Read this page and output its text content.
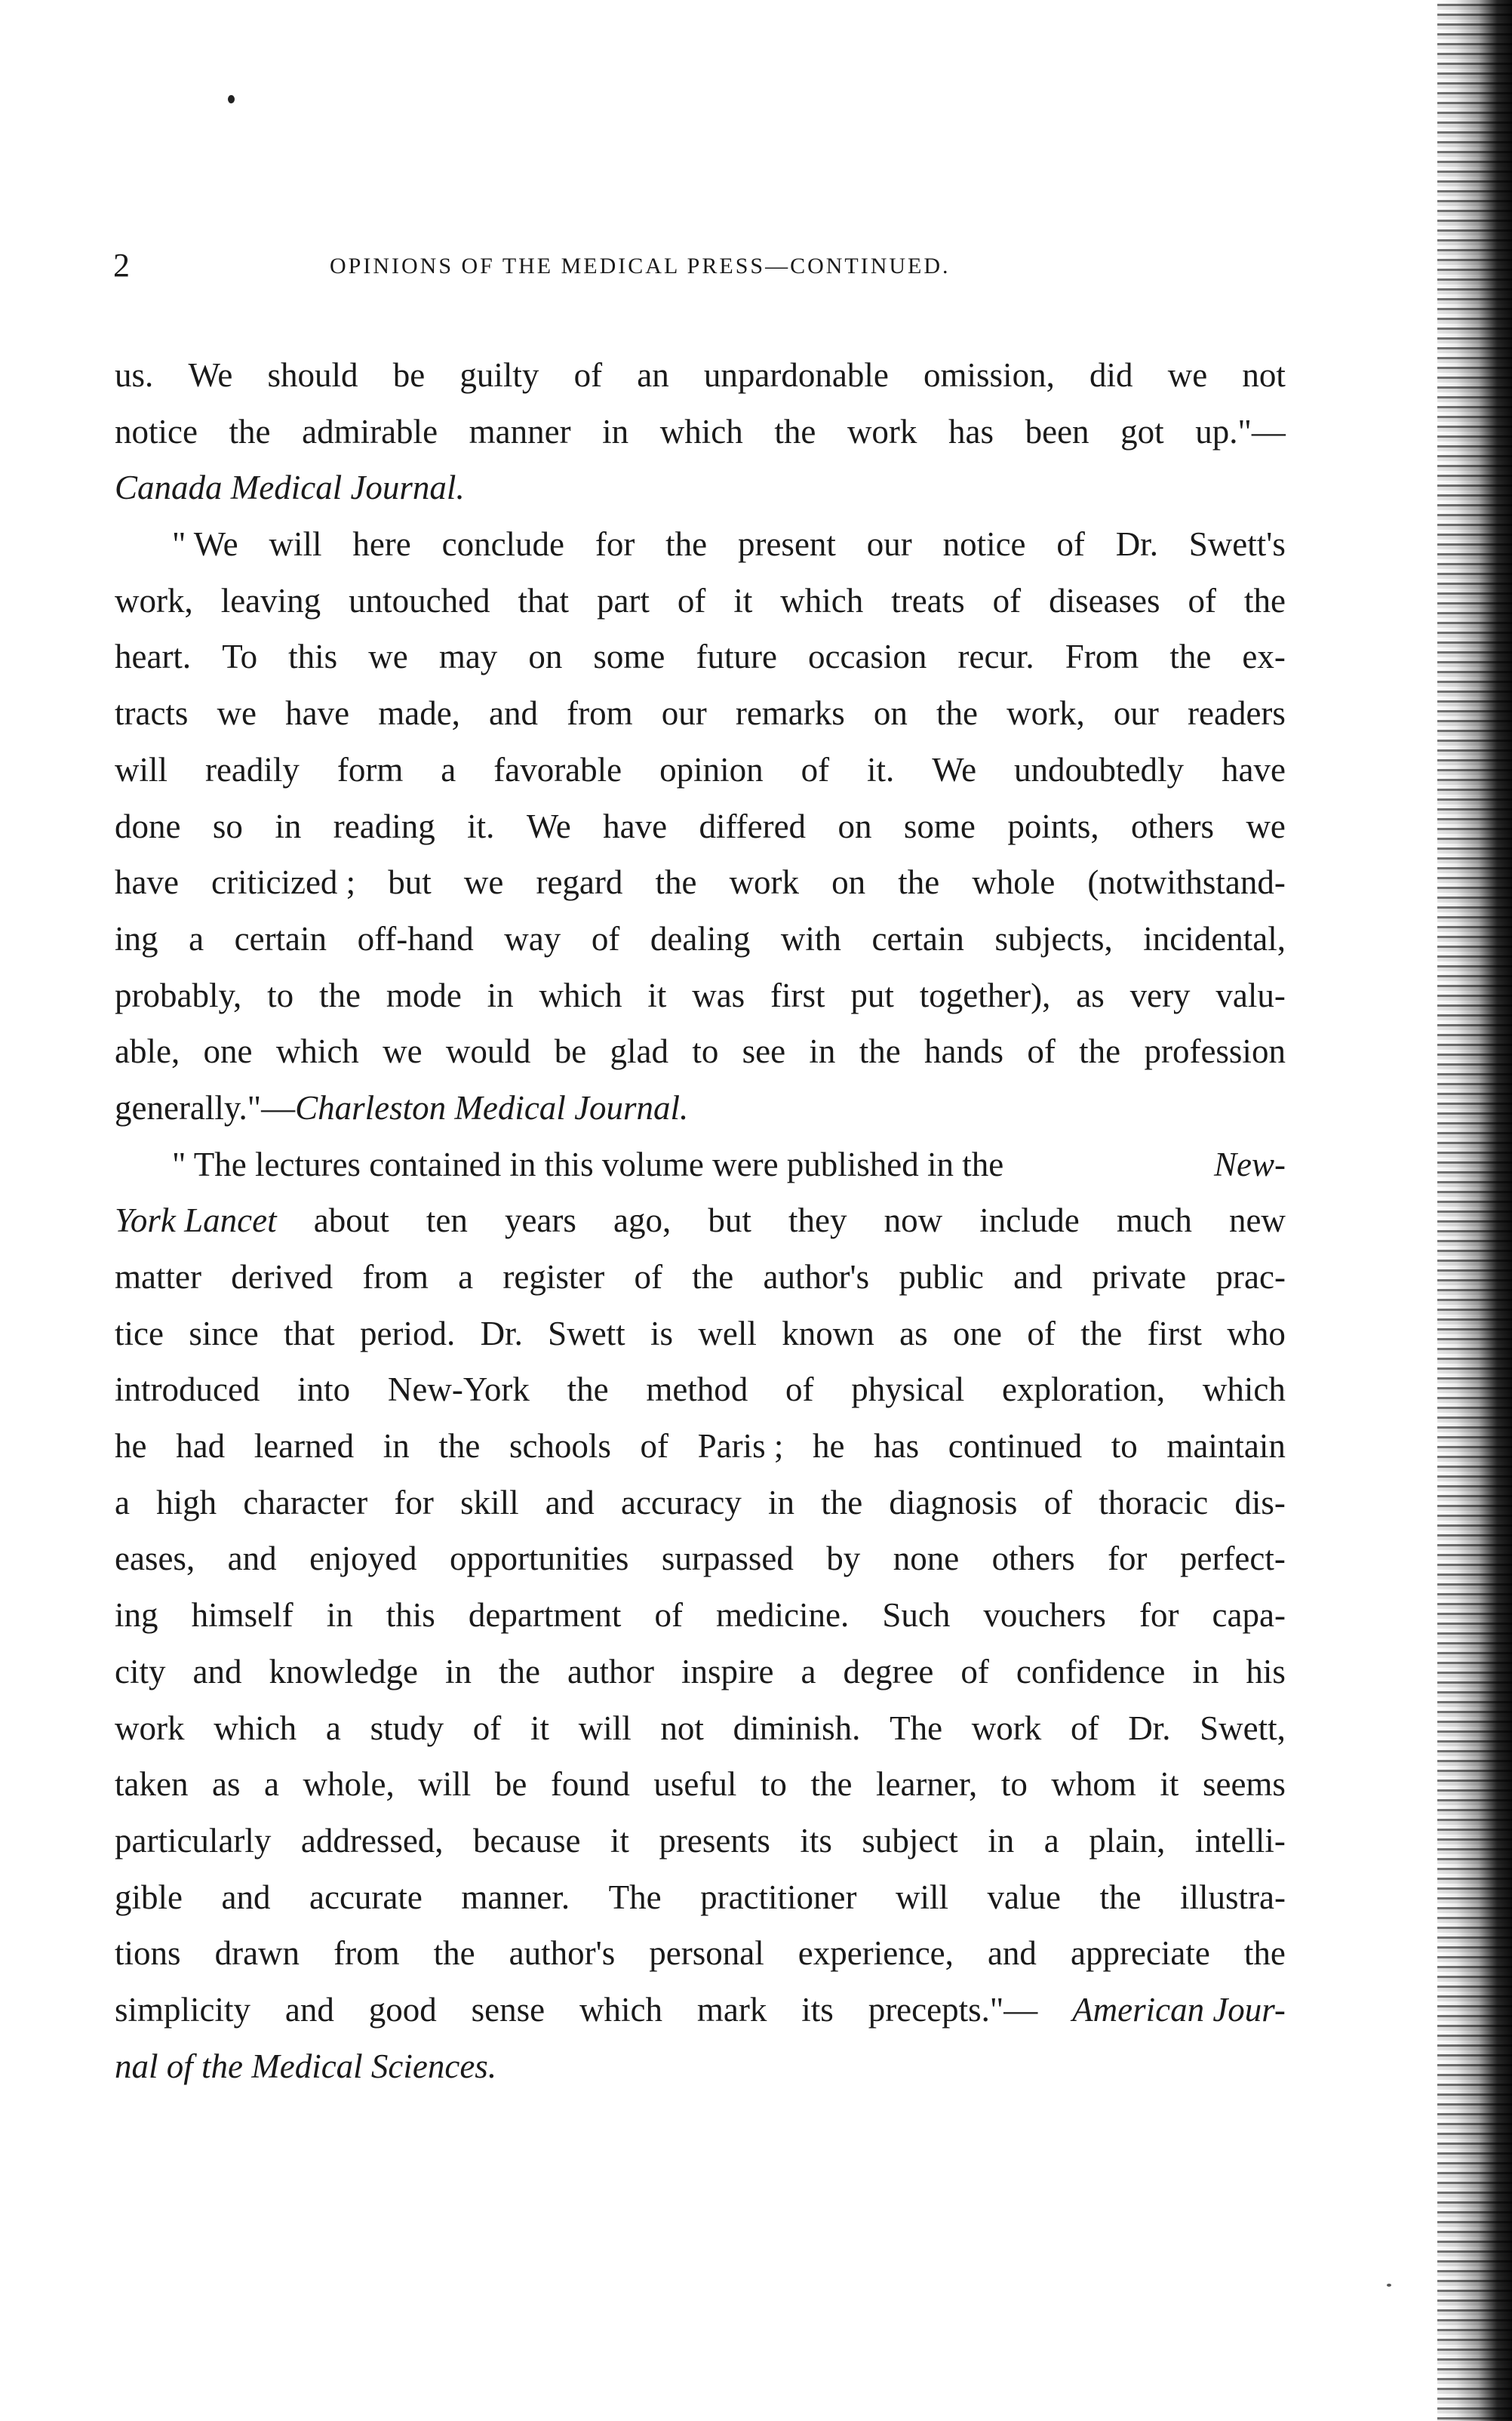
2	OPINIONS OF THE MEDICAL PRESS—CONTINUED.
us. We should be guilty of an unpardonable omission, did we not
notice the admirable manner in which the work has been got up."—
Canada Medical Journal.
" We will here conclude for the present our notice of Dr. Swett's
work, leaving untouched that part of it which treats of diseases of the
heart. To this we may on some future occasion recur. From the ex-
tracts we have made, and from our remarks on the work, our readers
will readily form a favorable opinion of it. We undoubtedly have
done so in reading it. We have differed on some points, others we
have criticized ; but we regard the work on the whole (notwithstand-
ing a certain off-hand way of dealing with certain subjects, incidental,
probably, to the mode in which it was first put together), as very valu-
able, one which we would be glad to see in the hands of the profession
generally."— Charleston Medical Journal.
" The lectures contained in this volume were published in the	New-
York Lancet about ten years ago, but they now include much new
matter derived from a register of the author's public and private prac-
tice since that period. Dr. Swett is well known as one of the first who
introduced into New-York the method of physical exploration, which
he had learned in the schools of Paris ; he has continued to maintain
a high character for skill and accuracy in the diagnosis of thoracic dis-
eases, and enjoyed opportunities surpassed by none others for perfect-
ing himself in this department of medicine. Such vouchers for capa-
city and knowledge in the author inspire a degree of confidence in his
work which a study of it will not diminish. The work of Dr. Swett,
taken as a whole, will be found useful to the learner, to whom it seems
particularly addressed, because it presents its subject in a plain, intelli-
gible and accurate manner. The practitioner will value the illustra-
tions drawn from the author's personal experience, and appreciate the
simplicity and good sense which mark its precepts."— American Jour-
nal of the Medical Sciences.
